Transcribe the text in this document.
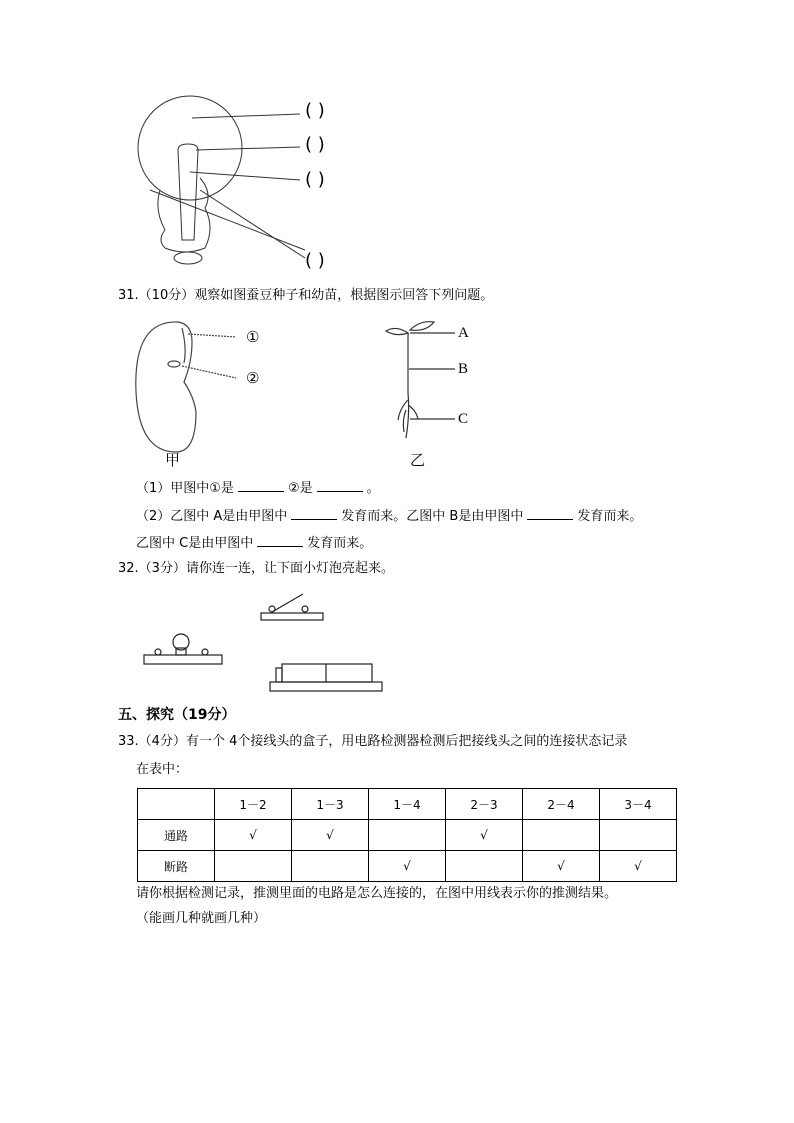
( )
( )
( )
( )
31.（10分）观察如图蚕豆种子和幼苗，根据图示回答下列问题。
①
②
甲
A
B
C
乙
（1）甲图中①是	②是	。
（2）乙图中 A是由甲图中	发育而来。乙图中 B是由甲图中	发育而来。
乙图中 C是由甲图中	发育而来。
32.（3分）请你连一连，让下面小灯泡亮起来。
五、探究（19分）
33.（4分）有一个 4个接线头的盒子，用电路检测器检测后把接线头之间的连接状态记录
在表中：
	1－2	1－3	1－4	2－3	2－4	3－4
通路	√	√		√		
断路			√		√	√
请你根据检测记录，推测里面的电路是怎么连接的，在图中用线表示你的推测结果。
（能画几种就画几种）
